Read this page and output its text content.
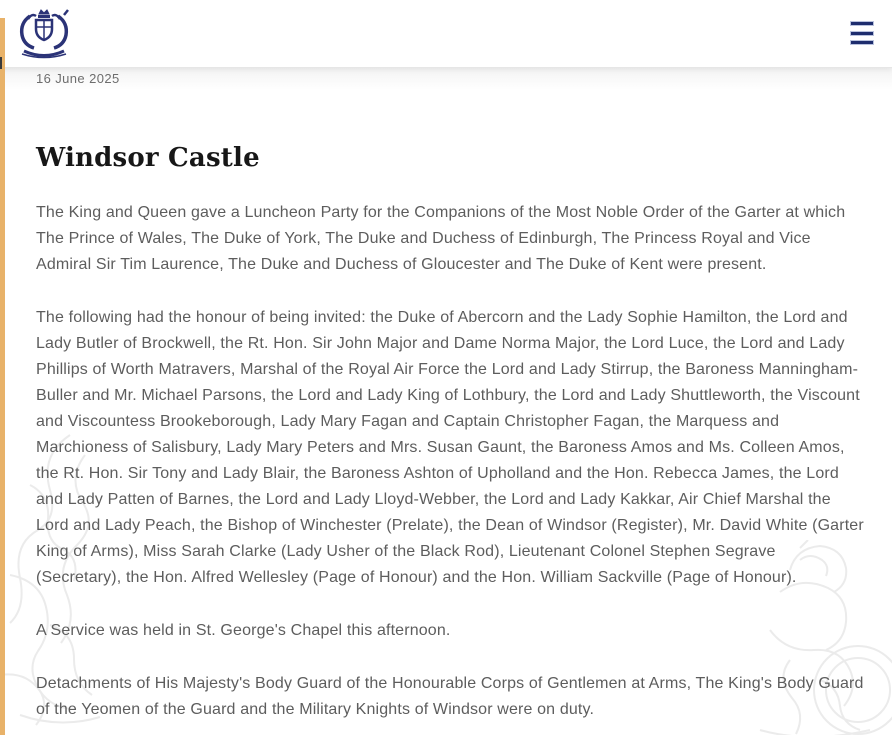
16 June 2025
Windsor Castle

The King and Queen gave a Luncheon Party for the Companions of the Most Noble Order of the Garter at which The Prince of Wales, The Duke of York, The Duke and Duchess of Edinburgh, The Princess Royal and Vice Admiral Sir Tim Laurence, The Duke and Duchess of Gloucester and The Duke of Kent were present.

The following had the honour of being invited: the Duke of Abercorn and the Lady Sophie Hamilton, the Lord and Lady Butler of Brockwell, the Rt. Hon. Sir John Major and Dame Norma Major, the Lord Luce, the Lord and Lady Phillips of Worth Matravers, Marshal of the Royal Air Force the Lord and Lady Stirrup, the Baroness Manningham-Buller and Mr. Michael Parsons, the Lord and Lady King of Lothbury, the Lord and Lady Shuttleworth, the Viscount and Viscountess Brookeborough, Lady Mary Fagan and Captain Christopher Fagan, the Marquess and Marchioness of Salisbury, Lady Mary Peters and Mrs. Susan Gaunt, the Baroness Amos and Ms. Colleen Amos, the Rt. Hon. Sir Tony and Lady Blair, the Baroness Ashton of Upholland and the Hon. Rebecca James, the Lord and Lady Patten of Barnes, the Lord and Lady Lloyd-Webber, the Lord and Lady Kakkar, Air Chief Marshal the Lord and Lady Peach, the Bishop of Winchester (Prelate), the Dean of Windsor (Register), Mr. David White (Garter King of Arms), Miss Sarah Clarke (Lady Usher of the Black Rod), Lieutenant Colonel Stephen Segrave (Secretary), the Hon. Alfred Wellesley (Page of Honour) and the Hon. William Sackville (Page of Honour).

A Service was held in St. George's Chapel this afternoon.

Detachments of His Majesty's Body Guard of the Honourable Corps of Gentlemen at Arms, The King's Body Guard of the Yeomen of the Guard and the Military Knights of Windsor were on duty.
